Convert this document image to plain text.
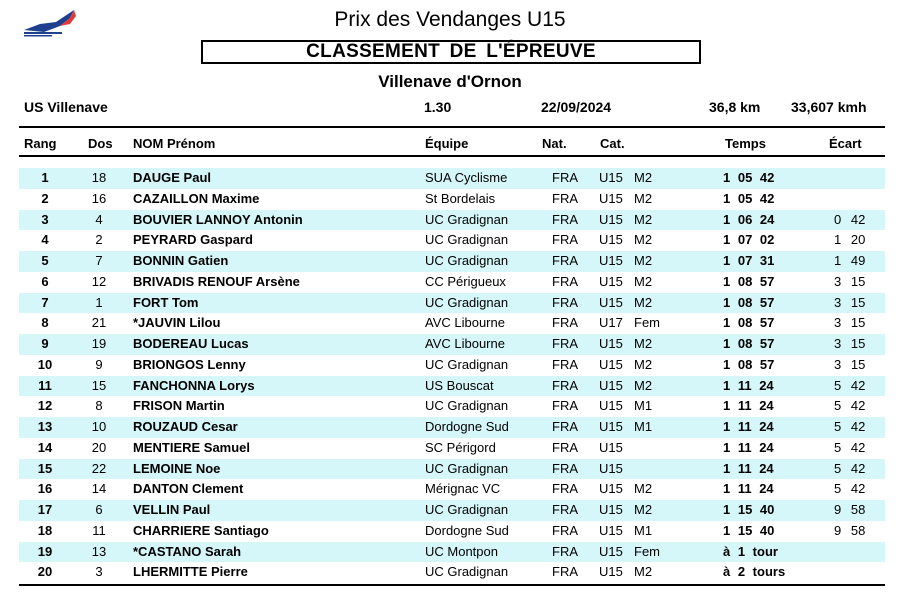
Prix des Vendanges U15
CLASSEMENT DE L'ÉPREUVE
Villenave d'Ornon
US Villenave	1.30	22/09/2024	36,8 km 33,607 kmh
Rang Dos NOM Prénom	Équipe	Nat.	Cat.	Temps	Écart
1	18	DAUGE Paul	SUA Cyclisme	FRA U15 M2	1 05 42
2	16	CAZAILLON Maxime	St Bordelais	FRA U15 M2	1 05 42
3	4	BOUVIER LANNOY Antonin	UC Gradignan	FRA U15 M2	1 06 24	0 42
4	2	PEYRARD Gaspard	UC Gradignan	FRA U15 M2	1 07 02	1 20
5	7	BONNIN Gatien	UC Gradignan	FRA U15 M2	1 07 31	1 49
6	12	BRIVADIS RENOUF Arsène	CC Périgueux	FRA U15 M2	1 08 57	3 15
7	1	FORT Tom	UC Gradignan	FRA U15 M2	1 08 57	3 15
8	21	*JAUVIN Lilou	AVC Libourne	FRA U17 Fem	1 08 57	3 15
9	19	BODEREAU Lucas	AVC Libourne	FRA U15 M2	1 08 57	3 15
10	9	BRIONGOS Lenny	UC Gradignan	FRA U15 M2	1 08 57	3 15
11	15	FANCHONNA Lorys	US Bouscat	FRA U15 M2	1 11 24	5 42
12	8	FRISON Martin	UC Gradignan	FRA U15 M1	1 11 24	5 42
13	10	ROUZAUD Cesar	Dordogne Sud	FRA U15 M1	1 11 24	5 42
14	20	MENTIERE Samuel	SC Périgord	FRA U15	1 11 24	5 42
15	22	LEMOINE Noe	UC Gradignan	FRA U15	1 11 24	5 42
16	14	DANTON Clement	Mérignac VC	FRA U15 M2	1 11 24	5 42
17	6	VELLIN Paul	UC Gradignan	FRA U15 M2	1 15 40	9 58
18	11	CHARRIERE Santiago	Dordogne Sud	FRA U15 M1	1 15 40	9 58
19	13	*CASTANO Sarah	UC Montpon	FRA U15 Fem	à 1 tour
20	3	LHERMITTE Pierre	UC Gradignan	FRA U15 M2	à 2 tours
